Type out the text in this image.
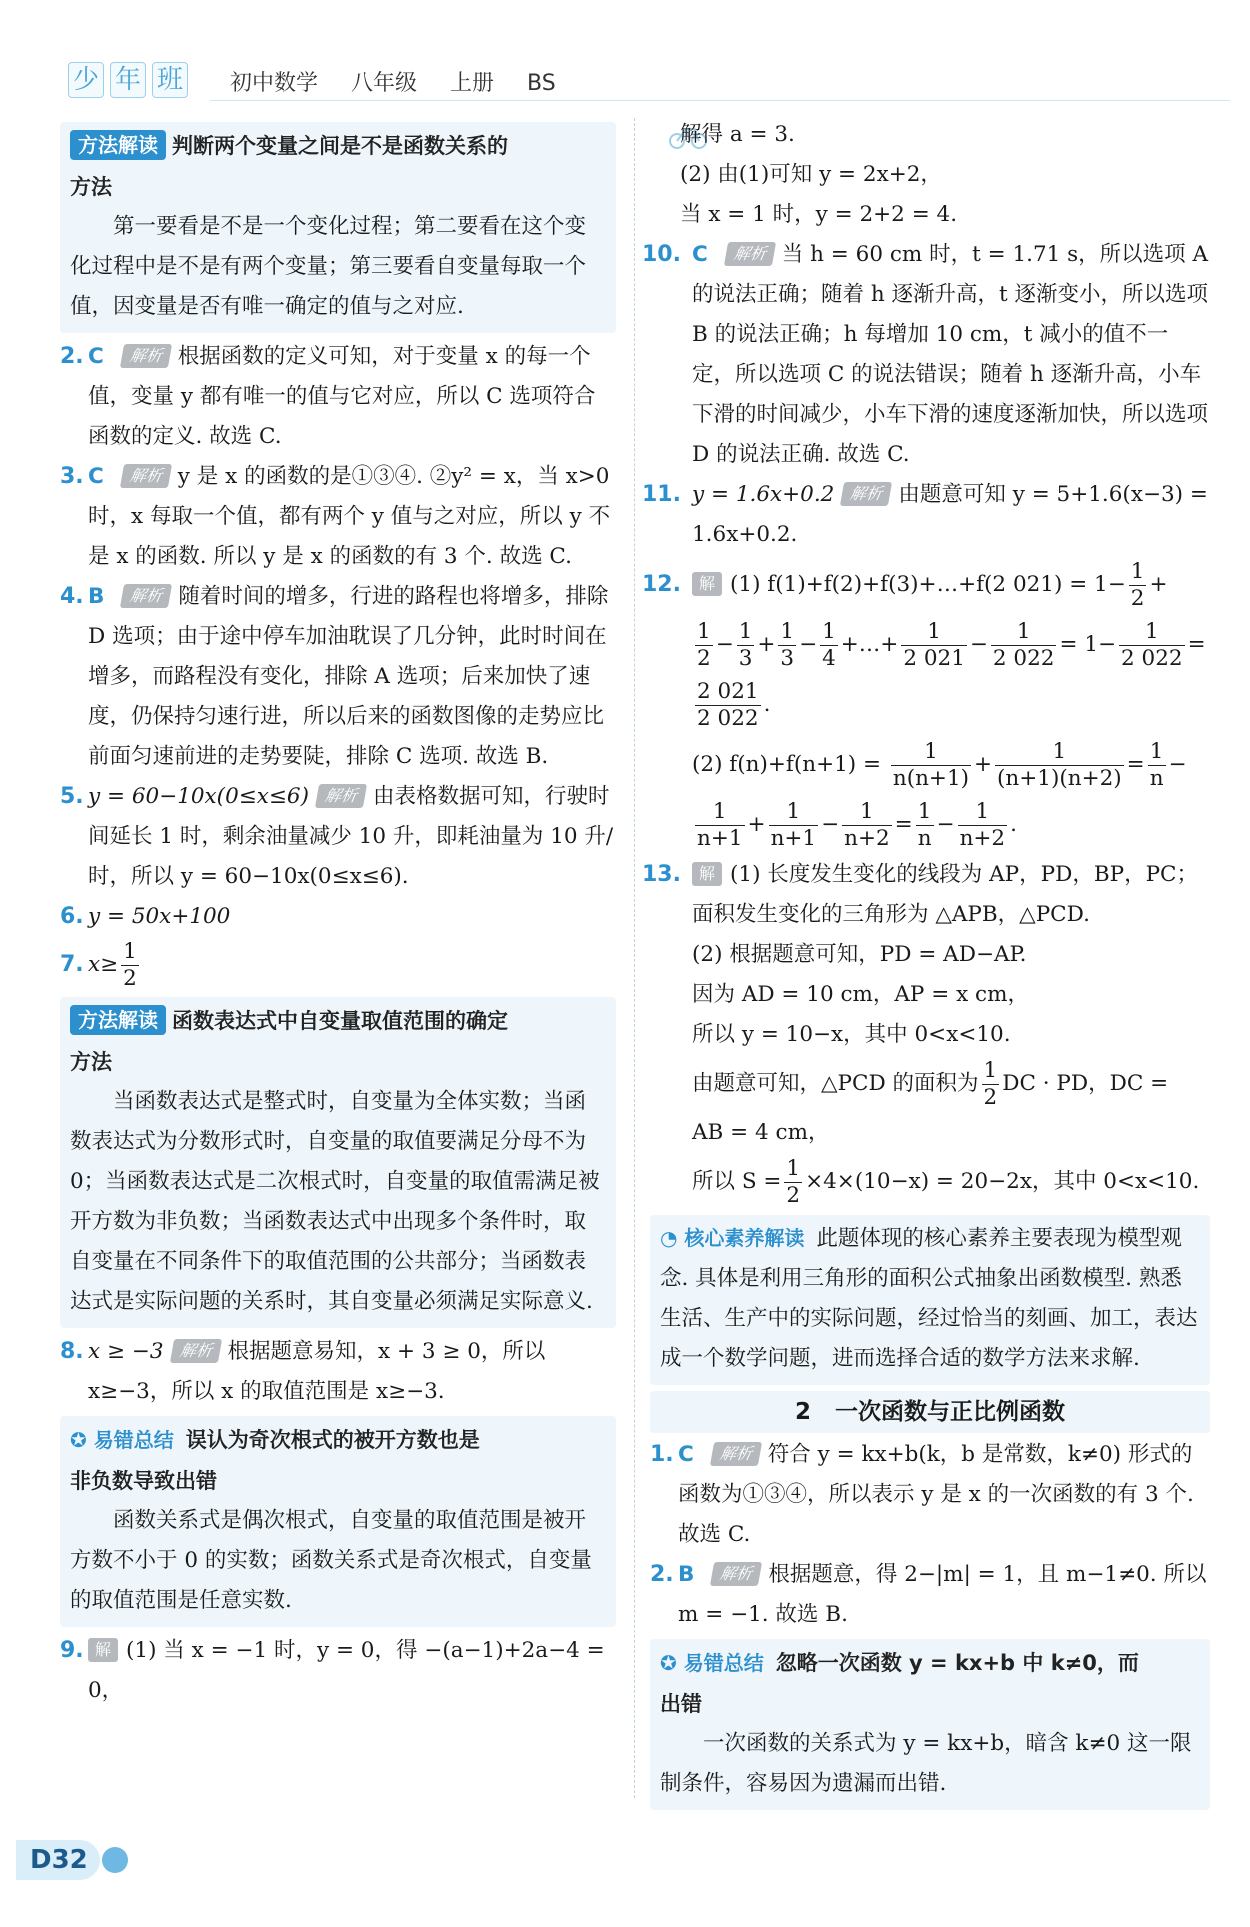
少 年 班 初中数学 八年级 上册 BS
方法解读 判断两个变量之间是不是函数关系的
方法
第一要看是不是一个变化过程；第二要看在这个变化过程中是不是有两个变量；第三要看自变量每取一个值，因变量是否有唯一确定的值与之对应.
2. C 解析 根据函数的定义可知，对于变量 x 的每一个值，变量 y 都有唯一的值与它对应，所以 C 选项符合函数的定义. 故选 C.
3. C 解析 y 是 x 的函数的是①③④. ②y² = x，当 x>0 时，x 每取一个值，都有两个 y 值与之对应，所以 y 不是 x 的函数. 所以 y 是 x 的函数的有 3 个. 故选 C.
4. B 解析 随着时间的增多，行进的路程也将增多，排除 D 选项；由于途中停车加油耽误了几分钟，此时时间在增多，而路程没有变化，排除 A 选项；后来加快了速度，仍保持匀速行进，所以后来的函数图像的走势应比前面匀速前进的走势要陡，排除 C 选项. 故选 B.
5. y = 60−10x(0≤x≤6) 解析 由表格数据可知，行驶时间延长 1 时，剩余油量减少 10 升，即耗油量为 10 升/时，所以 y = 60−10x(0≤x≤6).
6. y = 50x+100
7. $x\ge \frac{1}{2}$
方法解读 函数表达式中自变量取值范围的确定
方法
当函数表达式是整式时，自变量为全体实数；当函数表达式为分数形式时，自变量的取值要满足分母不为 0；当函数表达式是二次根式时，自变量的取值需满足被开方数为非负数；当函数表达式中出现多个条件时，取自变量在不同条件下的取值范围的公共部分；当函数表达式是实际问题的关系时，其自变量必须满足实际意义.
8. x ≥ −3 解析 根据题意易知，x + 3 ≥ 0，所以 x≥−3，所以 x 的取值范围是 x≥−3.
✪ 易错总结 误认为奇次根式的被开方数也是
非负数导致出错
函数关系式是偶次根式，自变量的取值范围是被开方数不小于 0 的实数；函数关系式是奇次根式，自变量的取值范围是任意实数.
9. 解 (1) 当 x = −1 时，y = 0，得 −(a−1)+2a−4 = 0，
解得 a = 3.
(2) 由(1)可知 y = 2x+2，
当 x = 1 时，y = 2+2 = 4.
10. C 解析 当 h = 60 cm 时，t = 1.71 s，所以选项 A 的说法正确；随着 h 逐渐升高，t 逐渐变小，所以选项 B 的说法正确；h 每增加 10 cm，t 减小的值不一定，所以选项 C 的说法错误；随着 h 逐渐升高，小车下滑的时间减少，小车下滑的速度逐渐加快，所以选项 D 的说法正确. 故选 C.
11. y = 1.6x+0.2 解析 由题意可知 y = 5+1.6(x−3) = 1.6x+0.2.
12.	解 (1) f(1)+f(2)+f(3)+…+f(2 $021) = 1- \frac{1}{2}$ +
$\frac{1}{2} - \frac{1}{3} + \frac{1}{3} - \frac{1}{4}$ +…+ $\frac{1}{2 021} - \frac{1}{2 022} = 1- \frac{1}{2 022}$ =
$\frac{2 021}{2 022}$ .
(2) $f(n)+f(n+1) = \frac{1}{n(n+1)} + \frac{1}{(n+1)(n+2)} = \frac{1}{n}$ −
$\frac{1}{n+1} + \frac{1}{n+1} - \frac{1}{n+2} = \frac{1}{n} - \frac{1}{n+2}$ .
13.	解 (1) 长度发生变化的线段为 AP，PD，BP，PC；
面积发生变化的三角形为 △APB，△PCD.
(2) 根据题意可知，PD = AD−AP.
因为 AD = 10 cm，AP = x cm，
所以 y = 10−x，其中 0<x<10.
由题意可知，△PCD 的面积为 $\frac{1}{2}$ DC · PD，DC =
AB = 4 cm，
所以 $S = \frac{1}{2} \times 4\times(10-x) = 20-2x$，其中 0<x<10.
◔ 核心素养解读 此题体现的核心素养主要表现为模型观念. 具体是利用三角形的面积公式抽象出函数模型. 熟悉生活、生产中的实际问题，经过恰当的刻画、加工，表达成一个数学问题，进而选择合适的数学方法来求解.
2 一次函数与正比例函数
1. C 解析 符合 y = kx+b(k，b 是常数，k≠0) 形式的函数为①③④，所以表示 y 是 x 的一次函数的有 3 个. 故选 C.
2. B 解析 根据题意，得 2−|m| = 1，且 m−1≠0. 所以 m = −1. 故选 B.
✪ 易错总结 忽略一次函数 y = kx+b 中 k≠0，而
出错
一次函数的关系式为 y = kx+b，暗含 k≠0 这一限制条件，容易因为遗漏而出错.
D32
